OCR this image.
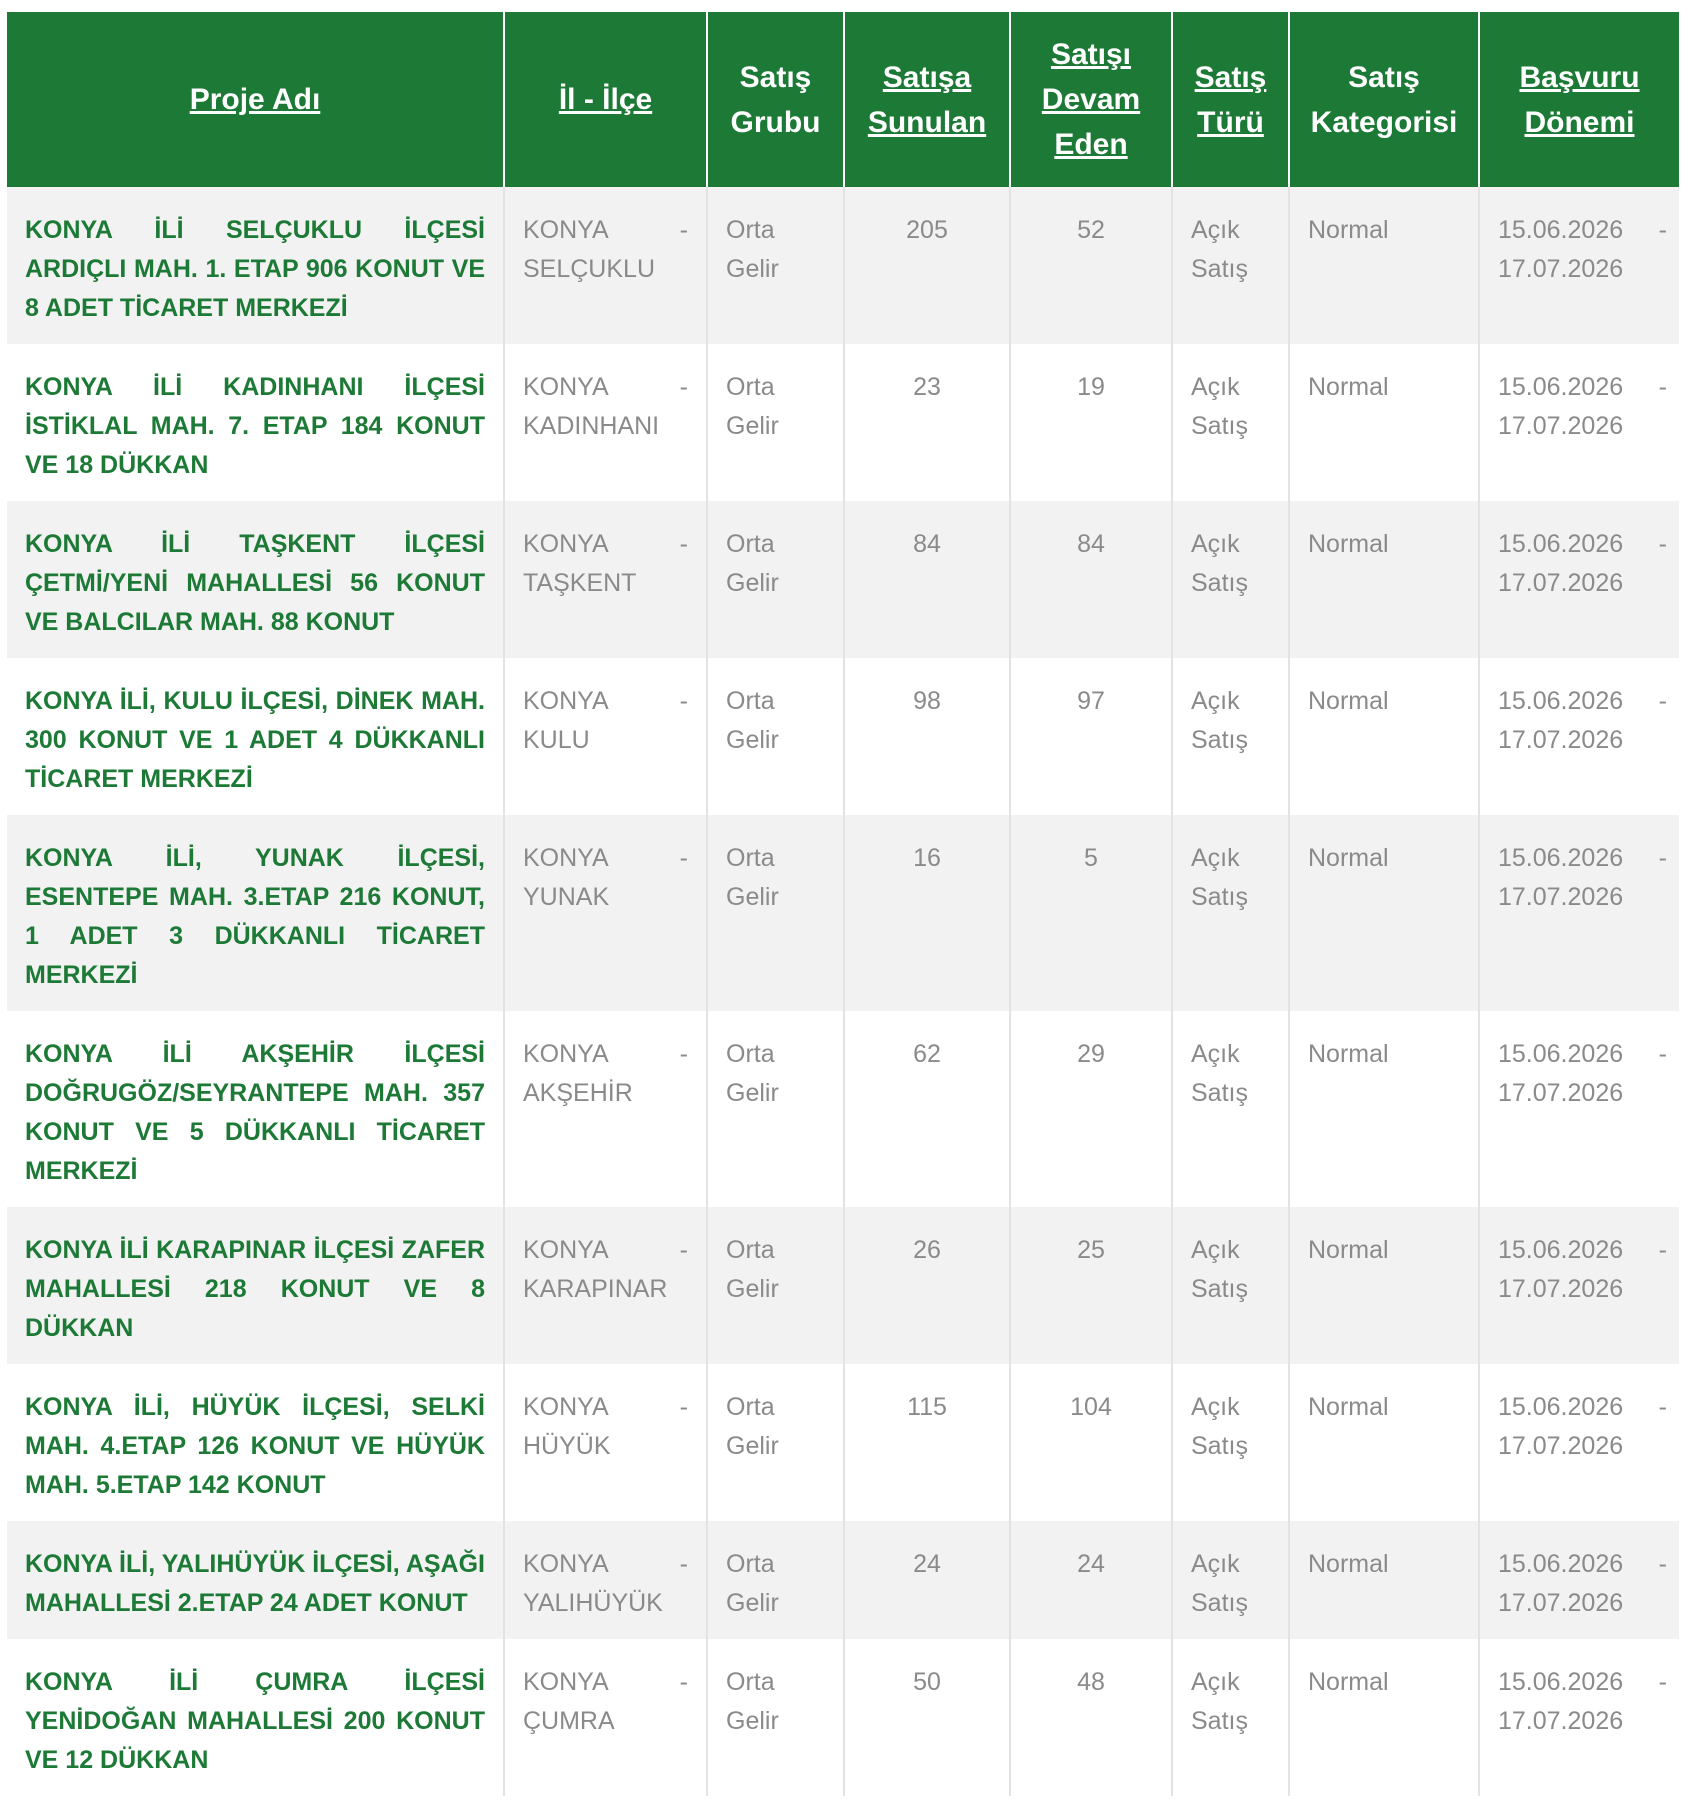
Proje Adı	İl - İlçe	Satış Grubu	Satışa Sunulan	Satışı Devam Eden	Satış Türü	Satış Kategorisi	Başvuru Dönemi
KONYA İLİ SELÇUKLU İLÇESİ ARDIÇLI MAH. 1. ETAP 906 KONUT VE 8 ADET TİCARET MERKEZİ	KONYA - SELÇUKLU	Orta Gelir	205	52	Açık Satış	Normal	15.06.2026 - 17.07.2026
KONYA İLİ KADINHANI İLÇESİ İSTİKLAL MAH. 7. ETAP 184 KONUT VE 18 DÜKKAN	KONYA - KADINHANI	Orta Gelir	23	19	Açık Satış	Normal	15.06.2026 - 17.07.2026
KONYA İLİ TAŞKENT İLÇESİ ÇETMİ/YENİ MAHALLESİ 56 KONUT VE BALCILAR MAH. 88 KONUT	KONYA - TAŞKENT	Orta Gelir	84	84	Açık Satış	Normal	15.06.2026 - 17.07.2026
KONYA İLİ, KULU İLÇESİ, DİNEK MAH. 300 KONUT VE 1 ADET 4 DÜKKANLI TİCARET MERKEZİ	KONYA - KULU	Orta Gelir	98	97	Açık Satış	Normal	15.06.2026 - 17.07.2026
KONYA İLİ, YUNAK İLÇESİ, ESENTEPE MAH. 3.ETAP 216 KONUT, 1 ADET 3 DÜKKANLI TİCARET MERKEZİ	KONYA - YUNAK	Orta Gelir	16	5	Açık Satış	Normal	15.06.2026 - 17.07.2026
KONYA İLİ AKŞEHİR İLÇESİ DOĞRUGÖZ/SEYRANTEPE MAH. 357 KONUT VE 5 DÜKKANLI TİCARET MERKEZİ	KONYA - AKŞEHİR	Orta Gelir	62	29	Açık Satış	Normal	15.06.2026 - 17.07.2026
KONYA İLİ KARAPINAR İLÇESİ ZAFER MAHALLESİ 218 KONUT VE 8 DÜKKAN	KONYA - KARAPINAR	Orta Gelir	26	25	Açık Satış	Normal	15.06.2026 - 17.07.2026
KONYA İLİ, HÜYÜK İLÇESİ, SELKİ MAH. 4.ETAP 126 KONUT VE HÜYÜK MAH. 5.ETAP 142 KONUT	KONYA - HÜYÜK	Orta Gelir	115	104	Açık Satış	Normal	15.06.2026 - 17.07.2026
KONYA İLİ, YALIHÜYÜK İLÇESİ, AŞAĞI MAHALLESİ 2.ETAP 24 ADET KONUT	KONYA - YALIHÜYÜK	Orta Gelir	24	24	Açık Satış	Normal	15.06.2026 - 17.07.2026
KONYA İLİ ÇUMRA İLÇESİ YENİDOĞAN MAHALLESİ 200 KONUT VE 12 DÜKKAN	KONYA - ÇUMRA	Orta Gelir	50	48	Açık Satış	Normal	15.06.2026 - 17.07.2026
